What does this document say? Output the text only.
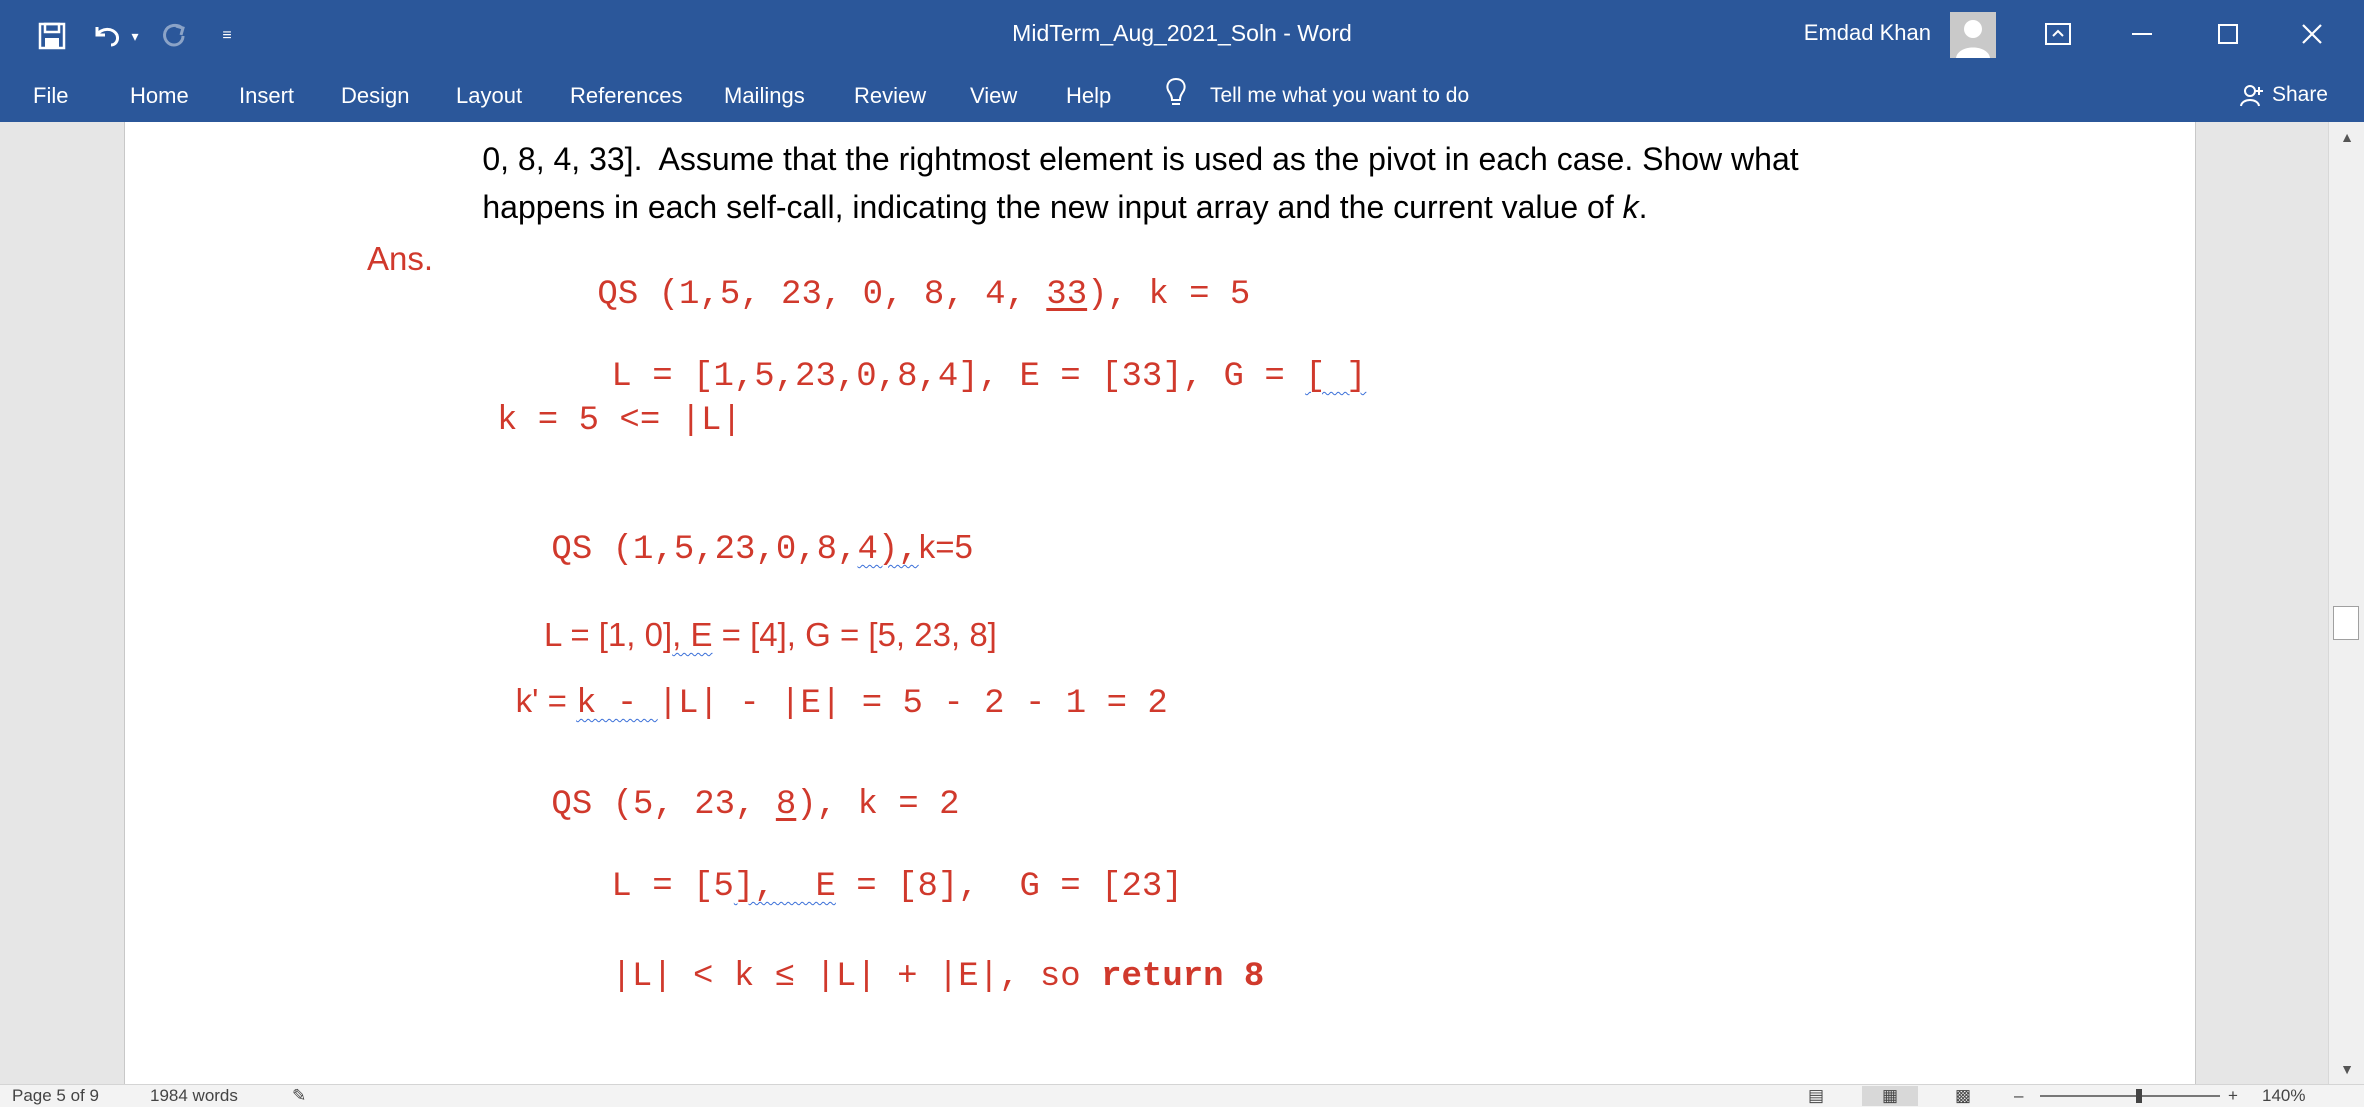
▾	≡	MidTerm_Aug_2021_Soln - Word	Emdad Khan
File	Home Insert Design Layout References Mailings Review View Help	Tell me what you want to do	Share

0, 8, 4, 33].  Assume that the rightmost element is used as the pivot in each case. Show what

happens in each self-call, indicating the new input array and the current value of k.

Ans.

QS (1,5, 23, 0, 8, 4, 33), k = 5

L = [1,5,23,0,8,4], E = [33], G = [ ]

k = 5 <= |L|

QS (1,5,23,0,8,4),k=5

L = [1, 0], E = [4], G = [5, 23, 8]

k' = k - |L| - |E| = 5 - 2 - 1 = 2

QS (5, 23, 8), k = 2

L = [5],  E = [8],  G = [23]

|L| < k ≤ |L| + |E|, so return 8

▲
▼
Page 5 of 9	1984 words	✎	▤	▦	▩	–	+ 140%
